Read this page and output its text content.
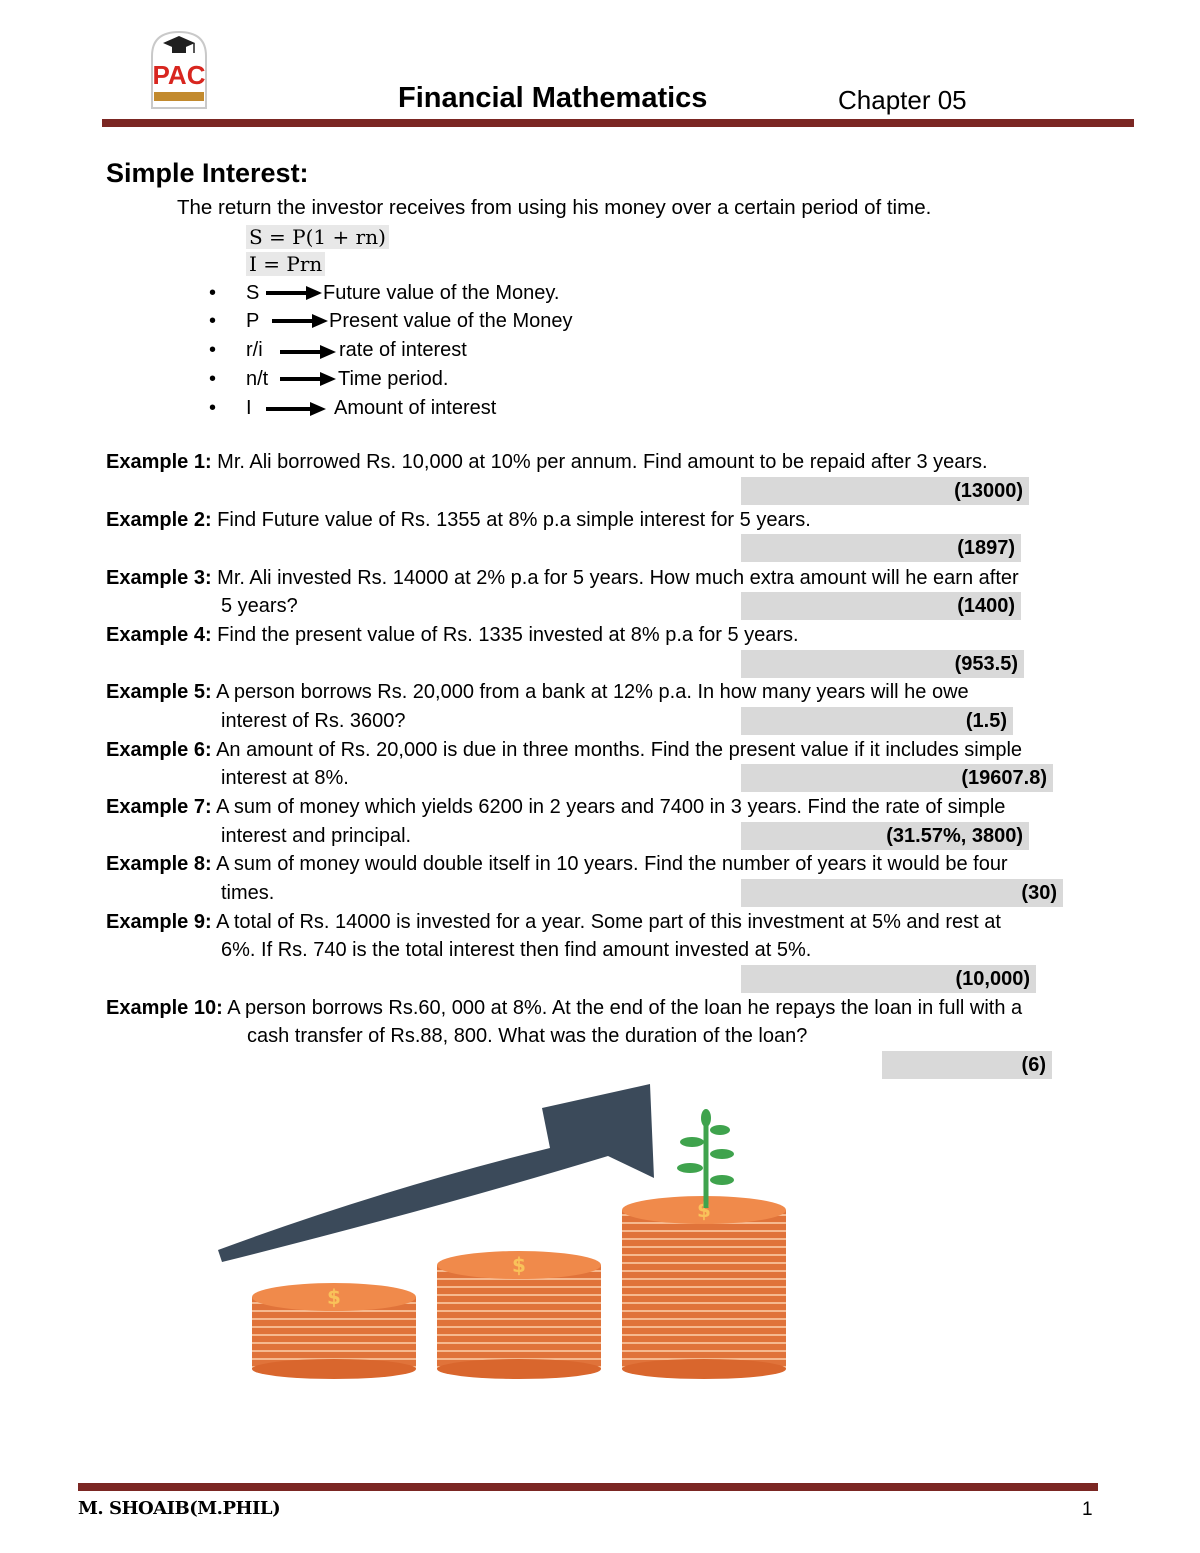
PAC
Financial Mathematics	Chapter 05
Simple Interest:
The return the investor receives from using his money over a certain period of time.
S = P(1 + rn)
I = Prn
• S	Future value of the Money.
• P	Present value of the Money
• r/i	rate of interest
• n/t	Time period.
• I	Amount of interest
Example 1: Mr. Ali borrowed Rs. 10,000 at 10% per annum. Find amount to be repaid after 3 years.
(13000)
Example 2: Find Future value of Rs. 1355 at 8% p.a simple interest for 5 years.
(1897)
Example 3: Mr. Ali invested Rs. 14000 at 2% p.a for 5 years. How much extra amount will he earn after
5 years?	(1400)
Example 4: Find the present value of Rs. 1335 invested at 8% p.a for 5 years.
(953.5)
Example 5: A person borrows Rs. 20,000 from a bank at 12% p.a. In how many years will he owe
interest of Rs. 3600?	(1.5)
Example 6: An amount of Rs. 20,000 is due in three months. Find the present value if it includes simple
interest at 8%.	(19607.8)
Example 7: A sum of money which yields 6200 in 2 years and 7400 in 3 years. Find the rate of simple
interest and principal.	(31.57%, 3800)
Example 8: A sum of money would double itself in 10 years. Find the number of years it would be four
times.	(30)
Example 9: A total of Rs. 14000 is invested for a year. Some part of this investment at 5% and rest at
6%. If Rs. 740 is the total interest then find amount invested at 5%.
(10,000)
Example 10: A person borrows Rs.60, 000 at 8%. At the end of the loan he repays the loan in full with a
cash transfer of Rs.88, 800. What was the duration of the loan?
(6)
$
$
$
M. SHOAIB(M.PHIL)	1
